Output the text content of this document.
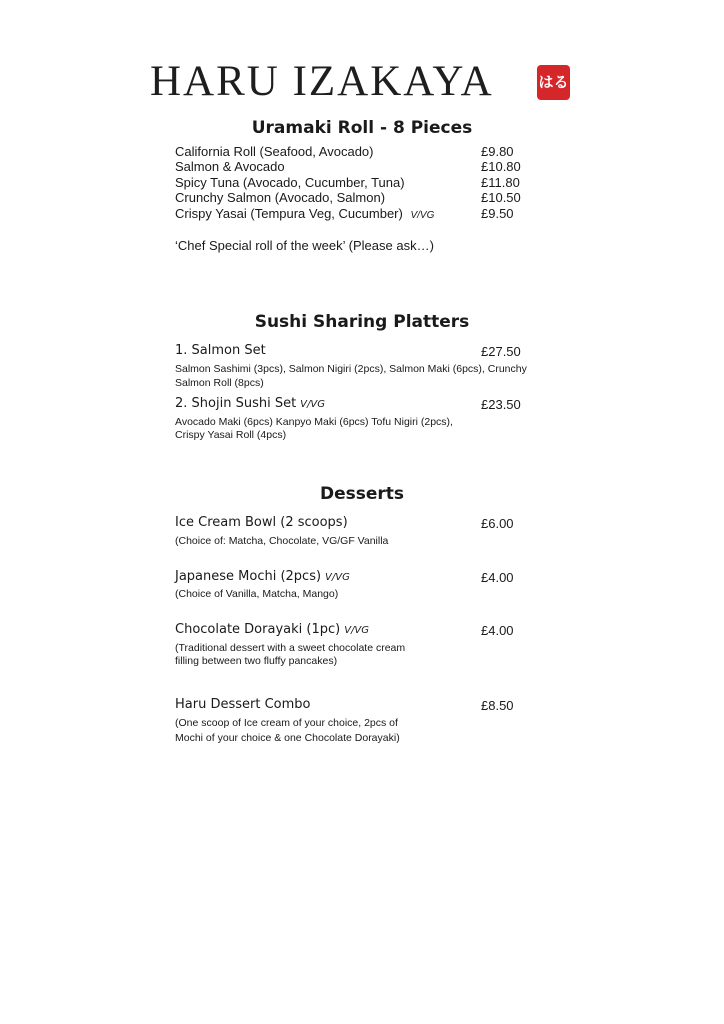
HARU IZAKAYA	はる
Uramaki Roll - 8 Pieces
California Roll (Seafood, Avocado)	£9.80
Salmon & Avocado	£10.80
Spicy Tuna (Avocado, Cucumber, Tuna)	£11.80
Crunchy Salmon (Avocado, Salmon)	£10.50
Crispy Yasai (Tempura Veg, Cucumber) V/VG	£9.50
‘Chef Special roll of the week’ (Please ask…)
Sushi Sharing Platters
1. Salmon Set	£27.50
Salmon Sashimi (3pcs), Salmon Nigiri (2pcs), Salmon Maki (6pcs), Crunchy
Salmon Roll (8pcs)
2. Shojin Sushi Set V/VG	£23.50
Avocado Maki (6pcs) Kanpyo Maki (6pcs) Tofu Nigiri (2pcs),
Crispy Yasai Roll (4pcs)
Desserts
Ice Cream Bowl (2 scoops)	£6.00
(Choice of: Matcha, Chocolate, VG/GF Vanilla
Japanese Mochi (2pcs) V/VG	£4.00
(Choice of Vanilla, Matcha, Mango)
Chocolate Dorayaki (1pc) V/VG	£4.00
(Traditional dessert with a sweet chocolate cream
filling between two fluffy pancakes)
Haru Dessert Combo	£8.50
(One scoop of Ice cream of your choice, 2pcs of
Mochi of your choice & one Chocolate Dorayaki)
